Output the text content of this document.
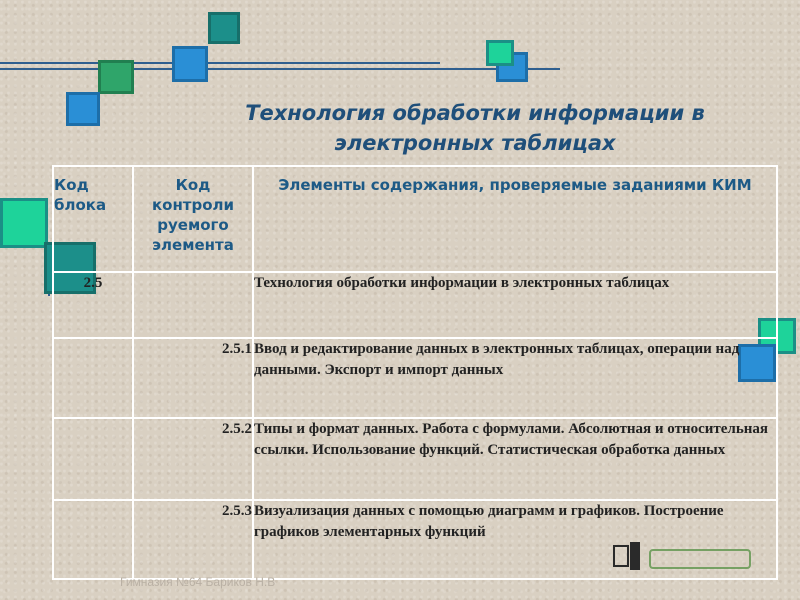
Технология обработки информации в
электронных таблицах
Код блока	Код контроли руемого элемента	Элементы содержания, проверяемые заданиями КИМ
2.5		Технология обработки информации в электронных таблицах
	2.5.1	Ввод и редактирование данных в электронных таблицах, операции над данными. Экспорт и импорт данных
	2.5.2	Типы и формат данных. Работа с формулами. Абсолютная и относительная ссылки. Использование функций. Статистическая обработка данных
	2.5.3	Визуализация данных с помощью диаграмм и графиков. Построение графиков элементарных функций
Гимназия №64 Бариков Н.В
